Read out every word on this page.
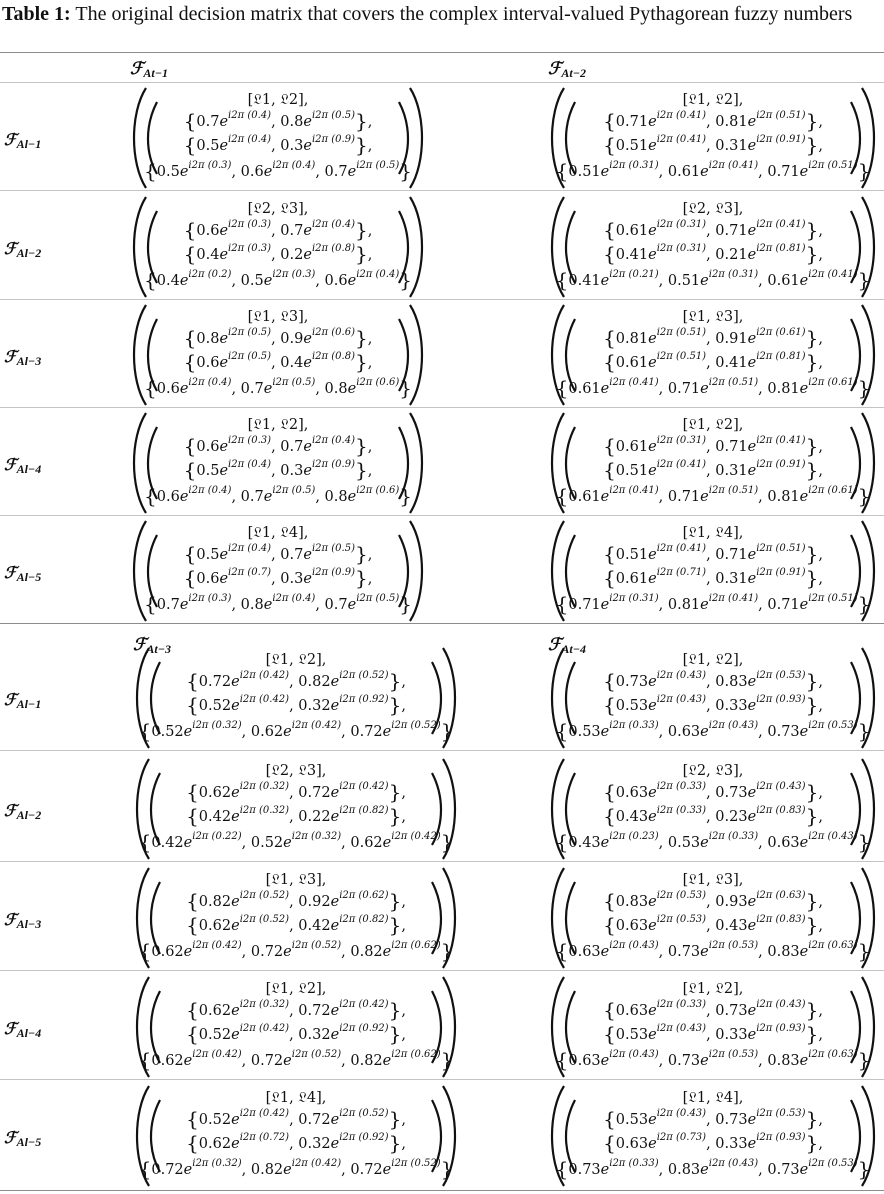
Table 1: The original decision matrix that covers the complex interval-valued Pythagorean fuzzy numbers
ℱAt−1	ℱAt−2
ℱAl−1
[𝔏1, 𝔏2],
{$0.7e^{i2\pi (0.4)}$, $0.8e^{i2\pi (0.5)}$},
{$0.5e^{i2\pi (0.4)}$, $0.3e^{i2\pi (0.9)}$},
{$0.5e^{i2\pi (0.3)}$, $0.6e^{i2\pi (0.4)}$, $0.7e^{i2\pi (0.5)}$}
[𝔏1, 𝔏2],
{$0.71e^{i2\pi (0.41)}$, $0.81e^{i2\pi (0.51)}$},
{$0.51e^{i2\pi (0.41)}$, $0.31e^{i2\pi (0.91)}$},
{$0.51e^{i2\pi (0.31)}$, $0.61e^{i2\pi (0.41)}$, $0.71e^{i2\pi (0.51)}$}
ℱAl−2
[𝔏2, 𝔏3],
{$0.6e^{i2\pi (0.3)}$, $0.7e^{i2\pi (0.4)}$},
{$0.4e^{i2\pi (0.3)}$, $0.2e^{i2\pi (0.8)}$},
{$0.4e^{i2\pi (0.2)}$, $0.5e^{i2\pi (0.3)}$, $0.6e^{i2\pi (0.4)}$}
[𝔏2, 𝔏3],
{$0.61e^{i2\pi (0.31)}$, $0.71e^{i2\pi (0.41)}$},
{$0.41e^{i2\pi (0.31)}$, $0.21e^{i2\pi (0.81)}$},
{$0.41e^{i2\pi (0.21)}$, $0.51e^{i2\pi (0.31)}$, $0.61e^{i2\pi (0.41)}$}
ℱAl−3
[𝔏1, 𝔏3],
{$0.8e^{i2\pi (0.5)}$, $0.9e^{i2\pi (0.6)}$},
{$0.6e^{i2\pi (0.5)}$, $0.4e^{i2\pi (0.8)}$},
{$0.6e^{i2\pi (0.4)}$, $0.7e^{i2\pi (0.5)}$, $0.8e^{i2\pi (0.6)}$}
[𝔏1, 𝔏3],
{$0.81e^{i2\pi (0.51)}$, $0.91e^{i2\pi (0.61)}$},
{$0.61e^{i2\pi (0.51)}$, $0.41e^{i2\pi (0.81)}$},
{$0.61e^{i2\pi (0.41)}$, $0.71e^{i2\pi (0.51)}$, $0.81e^{i2\pi (0.61)}$}
ℱAl−4
[𝔏1, 𝔏2],
{$0.6e^{i2\pi (0.3)}$, $0.7e^{i2\pi (0.4)}$},
{$0.5e^{i2\pi (0.4)}$, $0.3e^{i2\pi (0.9)}$},
{$0.6e^{i2\pi (0.4)}$, $0.7e^{i2\pi (0.5)}$, $0.8e^{i2\pi (0.6)}$}
[𝔏1, 𝔏2],
{$0.61e^{i2\pi (0.31)}$, $0.71e^{i2\pi (0.41)}$},
{$0.51e^{i2\pi (0.41)}$, $0.31e^{i2\pi (0.91)}$},
{$0.61e^{i2\pi (0.41)}$, $0.71e^{i2\pi (0.51)}$, $0.81e^{i2\pi (0.61)}$}
ℱAl−5
[𝔏1, 𝔏4],
{$0.5e^{i2\pi (0.4)}$, $0.7e^{i2\pi (0.5)}$},
{$0.6e^{i2\pi (0.7)}$, $0.3e^{i2\pi (0.9)}$},
{$0.7e^{i2\pi (0.3)}$, $0.8e^{i2\pi (0.4)}$, $0.7e^{i2\pi (0.5)}$}
[𝔏1, 𝔏4],
{$0.51e^{i2\pi (0.41)}$, $0.71e^{i2\pi (0.51)}$},
{$0.61e^{i2\pi (0.71)}$, $0.31e^{i2\pi (0.91)}$},
{$0.71e^{i2\pi (0.31)}$, $0.81e^{i2\pi (0.41)}$, $0.71e^{i2\pi (0.51)}$}
ℱAt−3	ℱAt−4
ℱAl−1
[𝔏1, 𝔏2],
{$0.72e^{i2\pi (0.42)}$, $0.82e^{i2\pi (0.52)}$},
{$0.52e^{i2\pi (0.42)}$, $0.32e^{i2\pi (0.92)}$},
{$0.52e^{i2\pi (0.32)}$, $0.62e^{i2\pi (0.42)}$, $0.72e^{i2\pi (0.52)}$}
[𝔏1, 𝔏2],
{$0.73e^{i2\pi (0.43)}$, $0.83e^{i2\pi (0.53)}$},
{$0.53e^{i2\pi (0.43)}$, $0.33e^{i2\pi (0.93)}$},
{$0.53e^{i2\pi (0.33)}$, $0.63e^{i2\pi (0.43)}$, $0.73e^{i2\pi (0.53)}$}
ℱAl−2
[𝔏2, 𝔏3],
{$0.62e^{i2\pi (0.32)}$, $0.72e^{i2\pi (0.42)}$},
{$0.42e^{i2\pi (0.32)}$, $0.22e^{i2\pi (0.82)}$},
{$0.42e^{i2\pi (0.22)}$, $0.52e^{i2\pi (0.32)}$, $0.62e^{i2\pi (0.42)}$}
[𝔏2, 𝔏3],
{$0.63e^{i2\pi (0.33)}$, $0.73e^{i2\pi (0.43)}$},
{$0.43e^{i2\pi (0.33)}$, $0.23e^{i2\pi (0.83)}$},
{$0.43e^{i2\pi (0.23)}$, $0.53e^{i2\pi (0.33)}$, $0.63e^{i2\pi (0.43)}$}
ℱAl−3
[𝔏1, 𝔏3],
{$0.82e^{i2\pi (0.52)}$, $0.92e^{i2\pi (0.62)}$},
{$0.62e^{i2\pi (0.52)}$, $0.42e^{i2\pi (0.82)}$},
{$0.62e^{i2\pi (0.42)}$, $0.72e^{i2\pi (0.52)}$, $0.82e^{i2\pi (0.62)}$}
[𝔏1, 𝔏3],
{$0.83e^{i2\pi (0.53)}$, $0.93e^{i2\pi (0.63)}$},
{$0.63e^{i2\pi (0.53)}$, $0.43e^{i2\pi (0.83)}$},
{$0.63e^{i2\pi (0.43)}$, $0.73e^{i2\pi (0.53)}$, $0.83e^{i2\pi (0.63)}$}
ℱAl−4
[𝔏1, 𝔏2],
{$0.62e^{i2\pi (0.32)}$, $0.72e^{i2\pi (0.42)}$},
{$0.52e^{i2\pi (0.42)}$, $0.32e^{i2\pi (0.92)}$},
{$0.62e^{i2\pi (0.42)}$, $0.72e^{i2\pi (0.52)}$, $0.82e^{i2\pi (0.62)}$}
[𝔏1, 𝔏2],
{$0.63e^{i2\pi (0.33)}$, $0.73e^{i2\pi (0.43)}$},
{$0.53e^{i2\pi (0.43)}$, $0.33e^{i2\pi (0.93)}$},
{$0.63e^{i2\pi (0.43)}$, $0.73e^{i2\pi (0.53)}$, $0.83e^{i2\pi (0.63)}$}
ℱAl−5
[𝔏1, 𝔏4],
{$0.52e^{i2\pi (0.42)}$, $0.72e^{i2\pi (0.52)}$},
{$0.62e^{i2\pi (0.72)}$, $0.32e^{i2\pi (0.92)}$},
{$0.72e^{i2\pi (0.32)}$, $0.82e^{i2\pi (0.42)}$, $0.72e^{i2\pi (0.52)}$}
[𝔏1, 𝔏4],
{$0.53e^{i2\pi (0.43)}$, $0.73e^{i2\pi (0.53)}$},
{$0.63e^{i2\pi (0.73)}$, $0.33e^{i2\pi (0.93)}$},
{$0.73e^{i2\pi (0.33)}$, $0.83e^{i2\pi (0.43)}$, $0.73e^{i2\pi (0.53)}$}
